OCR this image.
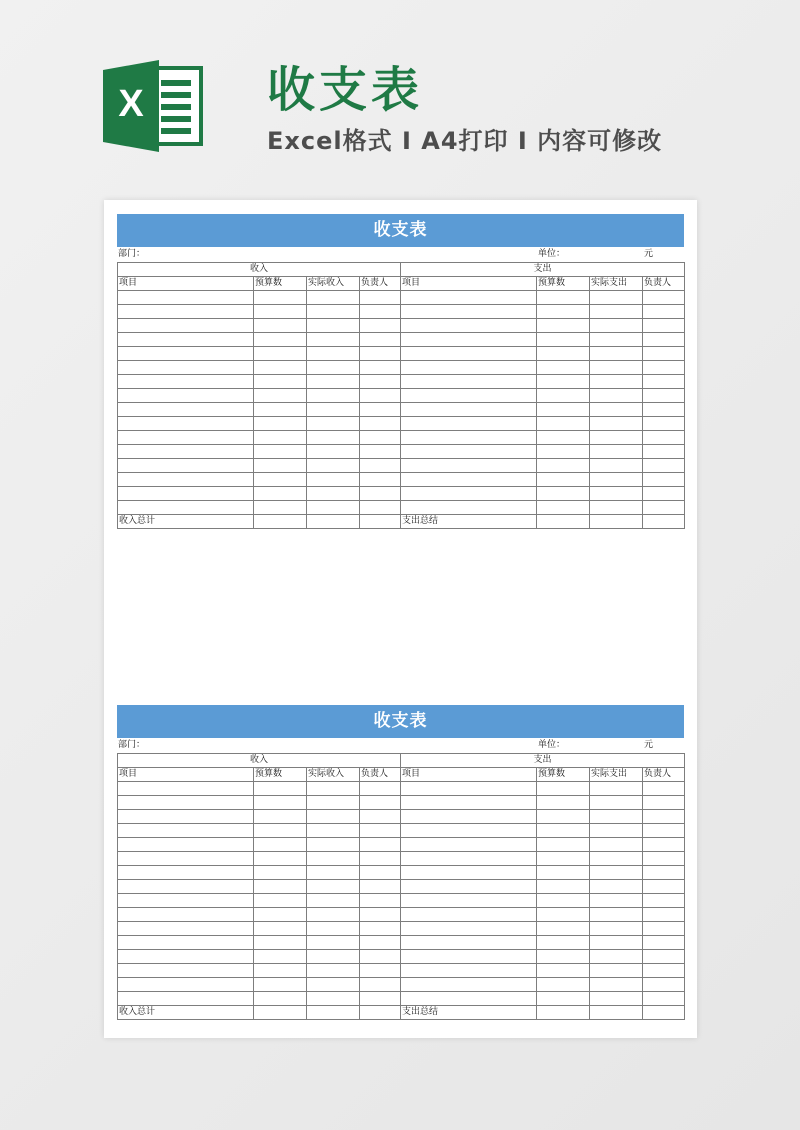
X	收支表

Excel格式 I A4打印 I 内容可修改

收支表
部门：	单位：	元
收入				支出			
项目	预算数	实际收入	负责人	项目	预算数	实际支出	负责人

收入总计				支出总结			
收支表
部门：	单位：	元
收入				支出			
项目	预算数	实际收入	负责人	项目	预算数	实际支出	负责人

收入总计				支出总结			
